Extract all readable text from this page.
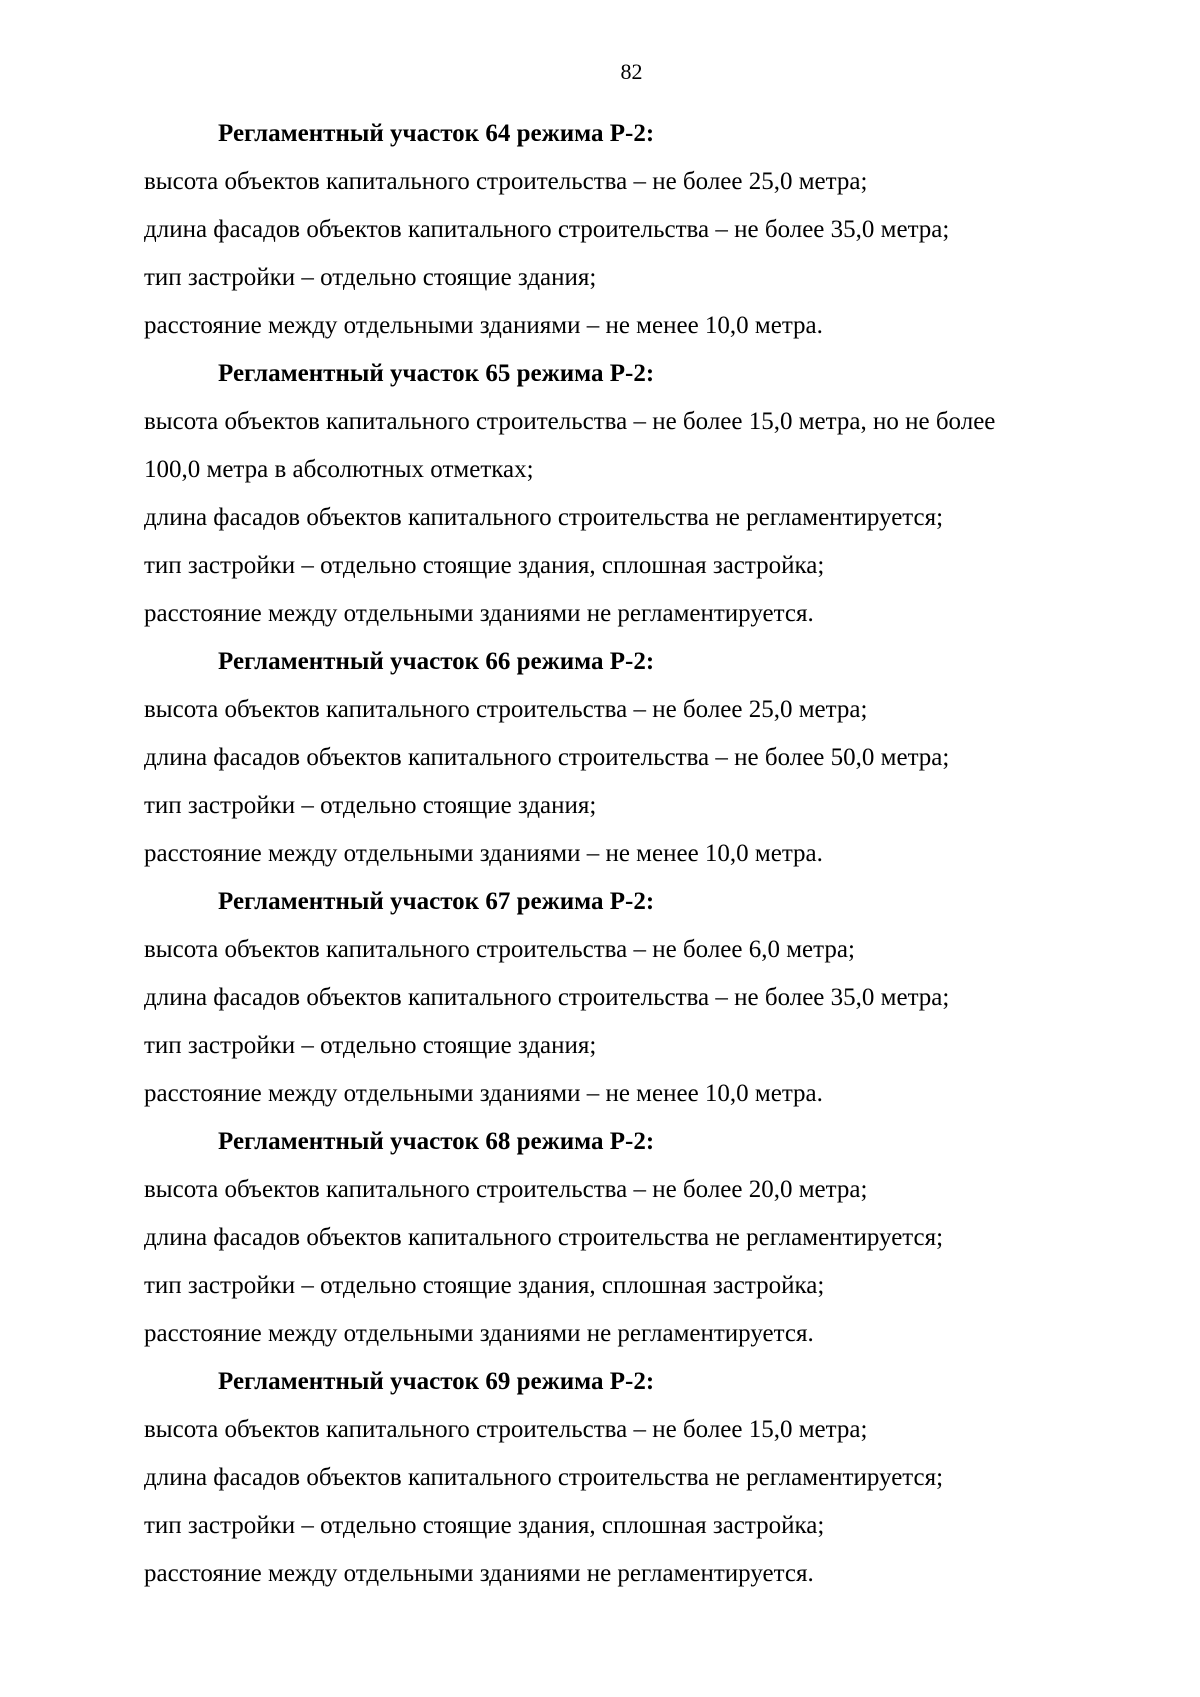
82

Регламентный участок 64 режима Р-2:

высота объектов капитального строительства – не более 25,0 метра;

длина фасадов объектов капитального строительства – не более 35,0 метра;

тип застройки – отдельно стоящие здания;

расстояние между отдельными зданиями – не менее 10,0 метра.

Регламентный участок 65 режима Р-2:

высота объектов капитального строительства – не более 15,0 метра, но не более

100,0 метра в абсолютных отметках;

длина фасадов объектов капитального строительства не регламентируется;

тип застройки – отдельно стоящие здания, сплошная застройка;

расстояние между отдельными зданиями не регламентируется.

Регламентный участок 66 режима Р-2:

высота объектов капитального строительства – не более 25,0 метра;

длина фасадов объектов капитального строительства – не более 50,0 метра;

тип застройки – отдельно стоящие здания;

расстояние между отдельными зданиями – не менее 10,0 метра.

Регламентный участок 67 режима Р-2:

высота объектов капитального строительства – не более 6,0 метра;

длина фасадов объектов капитального строительства – не более 35,0 метра;

тип застройки – отдельно стоящие здания;

расстояние между отдельными зданиями – не менее 10,0 метра.

Регламентный участок 68 режима Р-2:

высота объектов капитального строительства – не более 20,0 метра;

длина фасадов объектов капитального строительства не регламентируется;

тип застройки – отдельно стоящие здания, сплошная застройка;

расстояние между отдельными зданиями не регламентируется.

Регламентный участок 69 режима Р-2:

высота объектов капитального строительства – не более 15,0 метра;

длина фасадов объектов капитального строительства не регламентируется;

тип застройки – отдельно стоящие здания, сплошная застройка;

расстояние между отдельными зданиями не регламентируется.
